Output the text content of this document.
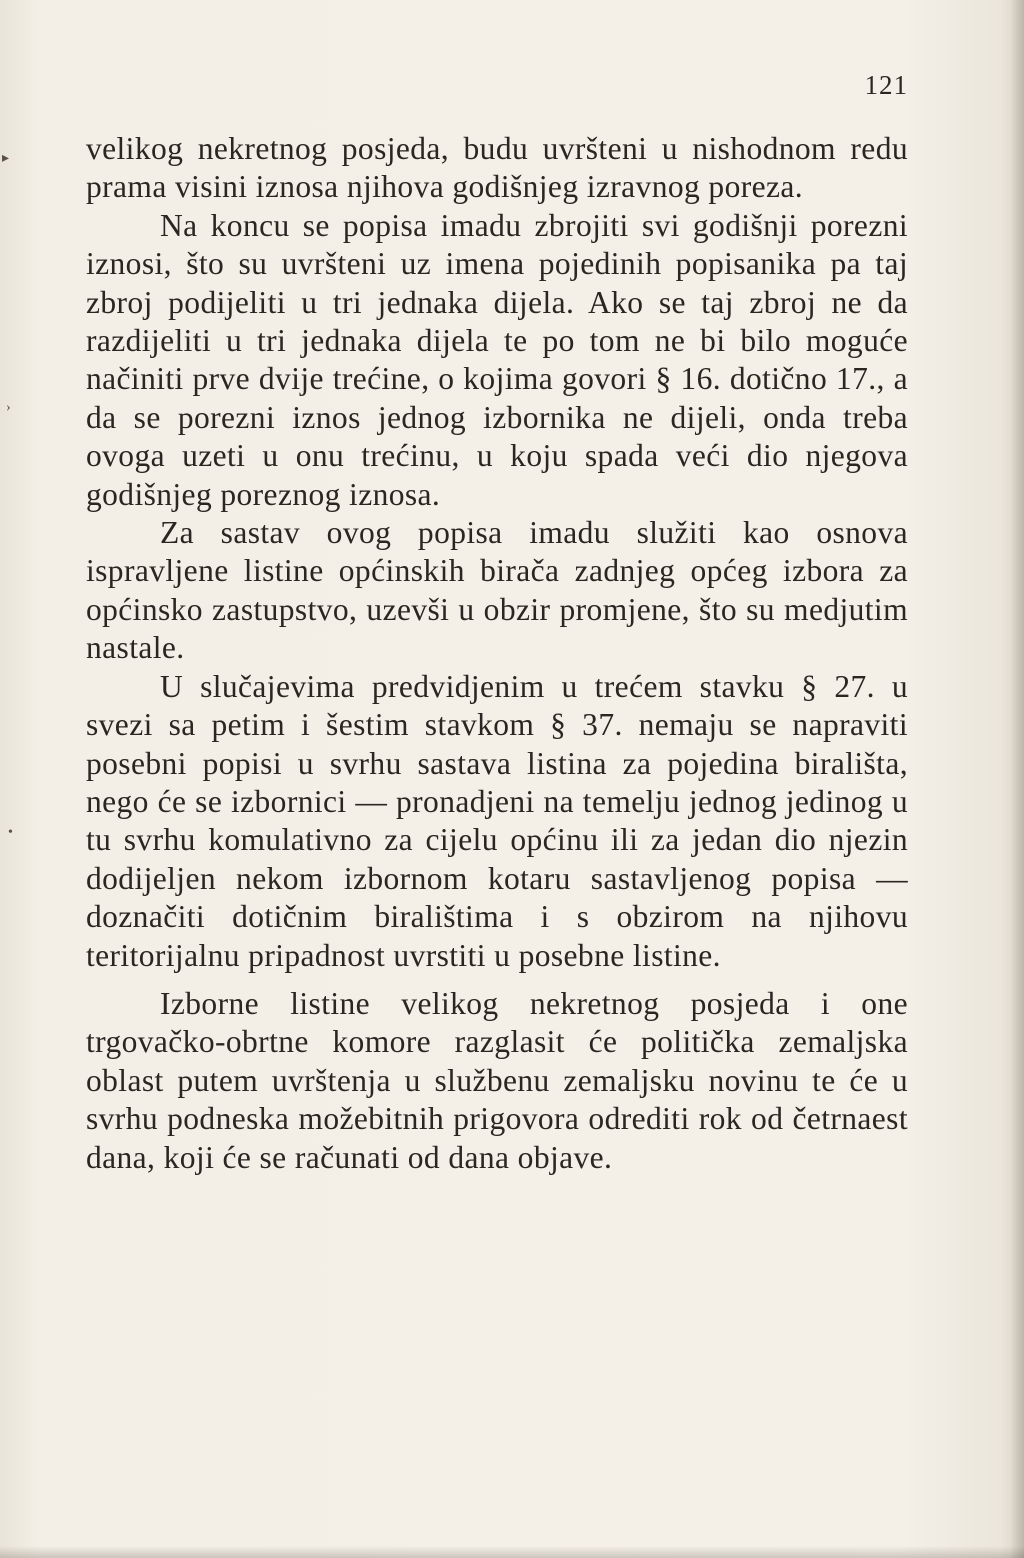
▸
›
•
121

velikog nekretnog posjeda, budu uvršteni u nishodnom redu prama visini iznosa njihova godišnjeg izravnog poreza.

Na koncu se popisa imadu zbrojiti svi godišnji porezni iznosi, što su uvršteni uz imena pojedinih popisanika pa taj zbroj podijeliti u tri jednaka dijela. Ako se taj zbroj ne da razdijeliti u tri jednaka dijela te po tom ne bi bilo moguće načiniti prve dvije trećine, o kojima govori § 16. dotično 17., a da se porezni iznos jednog izbornika ne dijeli, onda treba ovoga uzeti u onu trećinu, u koju spada veći dio njegova godišnjeg poreznog iznosa.

Za sastav ovog popisa imadu služiti kao osnova ispravljene listine općinskih birača zadnjeg općeg izbora za općinsko zastupstvo, uzevši u obzir promjene, što su medjutim nastale.

U slučajevima predvidjenim u trećem stavku § 27. u svezi sa petim i šestim stavkom § 37. nemaju se napraviti posebni popisi u svrhu sastava listina za pojedina birališta, nego će se izbornici — pronadjeni na temelju jednog jedinog u tu svrhu komulativno za cijelu općinu ili za jedan dio njezin dodijeljen nekom izbornom kotaru sastavljenog popisa — doznačiti dotičnim biralištima i s obzirom na njihovu teritorijalnu pripadnost uvrstiti u posebne listine.

Izborne listine velikog nekretnog posjeda i one trgovačko-obrtne komore razglasit će politička zemaljska oblast putem uvrštenja u službenu zemaljsku novinu te će u svrhu podneska možebitnih prigovora odrediti rok od četrnaest dana, koji će se računati od dana objave.
